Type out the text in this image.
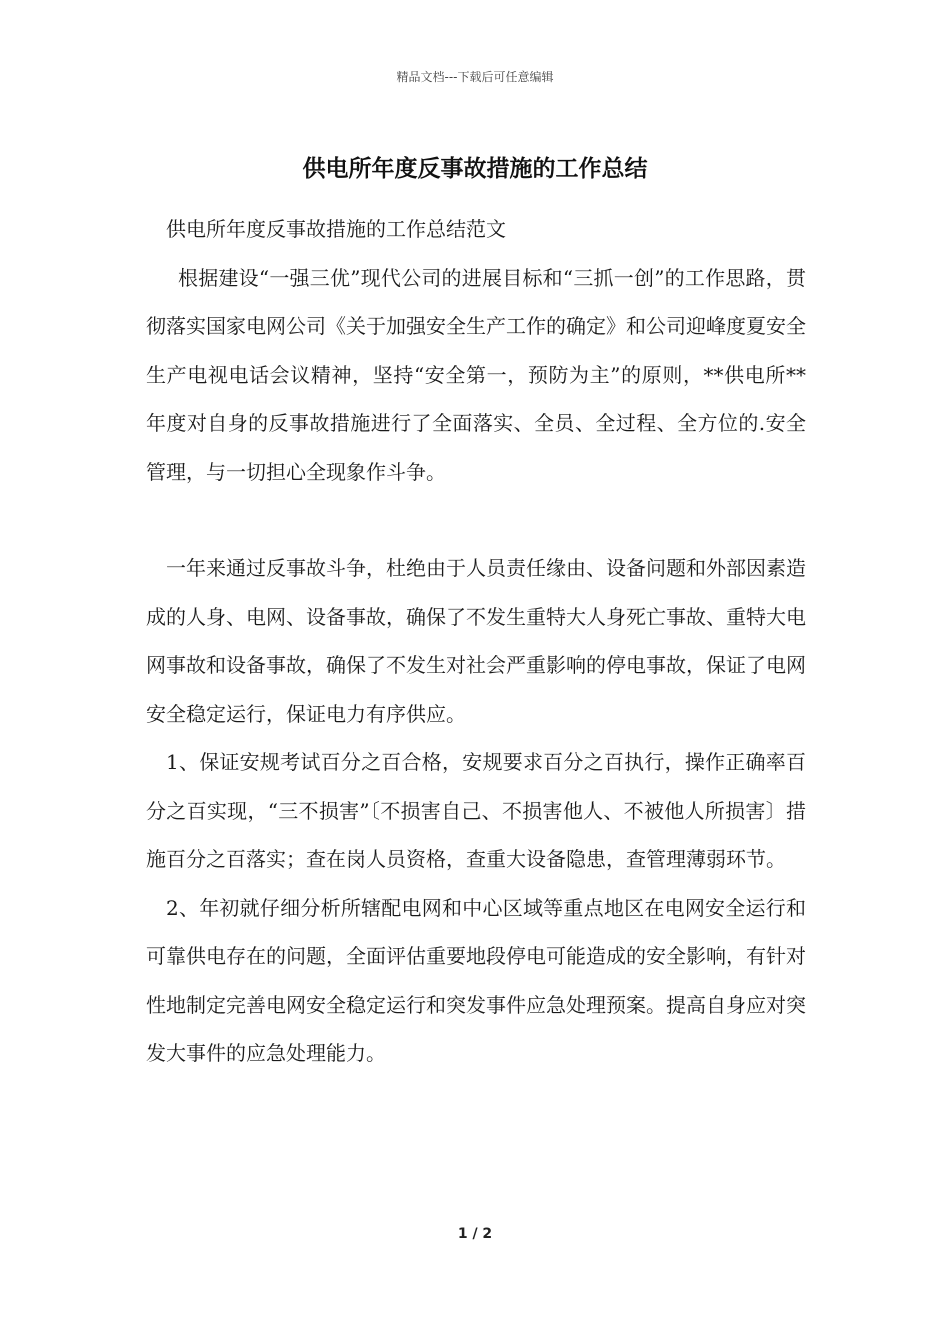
精品文档---下载后可任意编辑
供电所年度反事故措施的工作总结

供电所年度反事故措施的工作总结范文

根据建设“一强三优”现代公司的进展目标和“三抓一创”的工作思路，贯彻落实国家电网公司《关于加强安全生产工作的确定》和公司迎峰度夏安全生产电视电话会议精神，坚持“安全第一，预防为主”的原则，**供电所**年度对自身的反事故措施进行了全面落实、全员、全过程、全方位的.安全管理，与一切担心全现象作斗争。

一年来通过反事故斗争，杜绝由于人员责任缘由、设备问题和外部因素造成的人身、电网、设备事故，确保了不发生重特大人身死亡事故、重特大电网事故和设备事故，确保了不发生对社会严重影响的停电事故，保证了电网安全稳定运行，保证电力有序供应。

1、保证安规考试百分之百合格，安规要求百分之百执行，操作正确率百分之百实现，“三不损害”〔不损害自己、不损害他人、不被他人所损害〕措施百分之百落实；查在岗人员资格，查重大设备隐患，查管理薄弱环节。

2、年初就仔细分析所辖配电网和中心区域等重点地区在电网安全运行和可靠供电存在的问题，全面评估重要地段停电可能造成的安全影响，有针对性地制定完善电网安全稳定运行和突发事件应急处理预案。提高自身应对突发大事件的应急处理能力。

1 / 2
